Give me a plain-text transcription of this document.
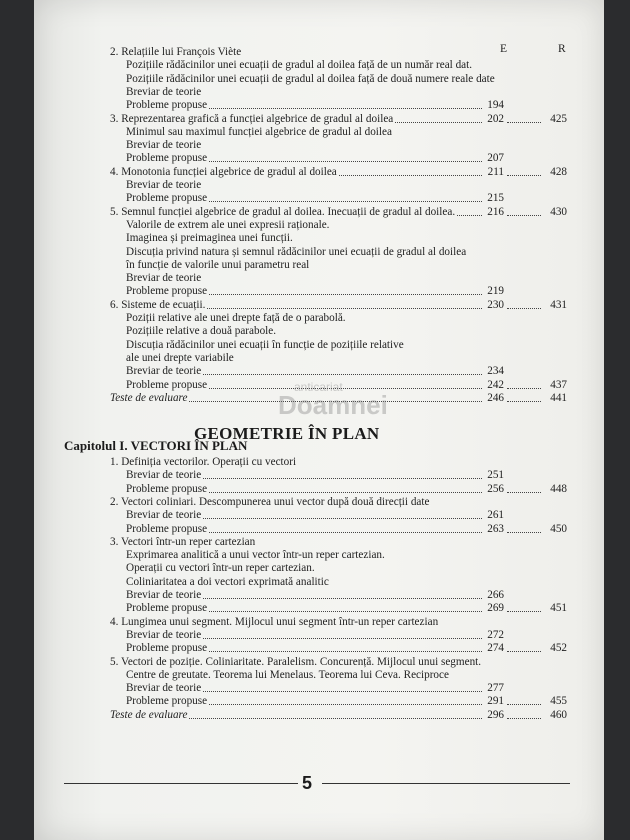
E	R
2. Relațiile lui François Viète
Pozițiile rădăcinilor unei ecuații de gradul al doilea față de un număr real dat.
Pozițiile rădăcinilor unei ecuații de gradul al doilea față de două numere reale date
Breviar de teorie
Probleme propuse	194
3. Reprezentarea grafică a funcției algebrice de gradul al doilea	202	425
Minimul sau maximul funcției algebrice de gradul al doilea
Breviar de teorie
Probleme propuse	207
4. Monotonia funcției algebrice de gradul al doilea	211	428
Breviar de teorie
Probleme propuse	215
5. Semnul funcției algebrice de gradul al doilea. Inecuații de gradul al doilea.	216	430
Valorile de extrem ale unei expresii raționale.
Imaginea și preimaginea unei funcții.
Discuția privind natura și semnul rădăcinilor unei ecuații de gradul al doilea
în funcție de valorile unui parametru real
Breviar de teorie
Probleme propuse	219
6. Sisteme de ecuații.	230	431
Poziții relative ale unei drepte față de o parabolă.
Pozițiile relative a două parabole.
Discuția rădăcinilor unei ecuații în funcție de pozițiile relative
ale unei drepte variabile
Breviar de teorie	234
Probleme propuse	242	437
Teste de evaluare	246	441
anticariat
Doamnei
GEOMETRIE ÎN PLAN
Capitolul I. VECTORI ÎN PLAN
1. Definiția vectorilor. Operații cu vectori
Breviar de teorie	251
Probleme propuse	256	448
2. Vectori coliniari. Descompunerea unui vector după două direcții date
Breviar de teorie	261
Probleme propuse	263	450
3. Vectori într-un reper cartezian
Exprimarea analitică a unui vector într-un reper cartezian.
Operații cu vectori într-un reper cartezian.
Coliniaritatea a doi vectori exprimată analitic
Breviar de teorie	266
Probleme propuse	269	451
4. Lungimea unui segment. Mijlocul unui segment într-un reper cartezian
Breviar de teorie	272
Probleme propuse	274	452
5. Vectori de poziție. Coliniaritate. Paralelism. Concurență. Mijlocul unui segment.
Centre de greutate. Teorema lui Menelaus. Teorema lui Ceva. Reciproce
Breviar de teorie	277
Probleme propuse	291	455
Teste de evaluare	296	460
5
